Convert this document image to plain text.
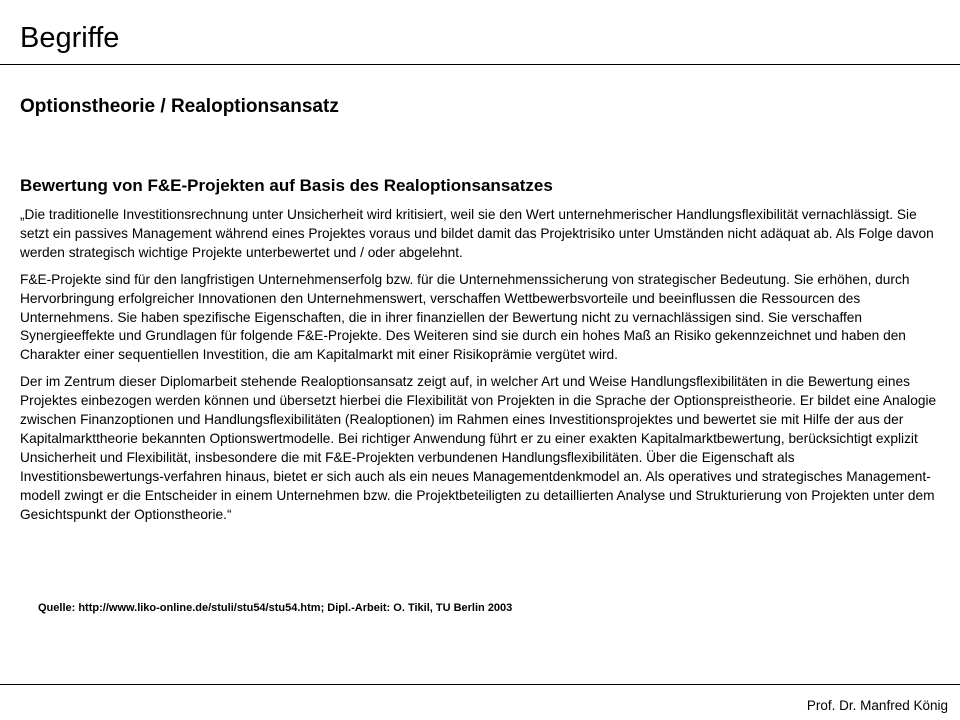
Begriffe
Optionstheorie / Realoptionsansatz
Bewertung von F&E-Projekten auf Basis des Realoptionsansatzes

„Die traditionelle Investitionsrechnung unter Unsicherheit wird kritisiert, weil sie den Wert unternehmerischer Handlungsflexibilität vernachlässigt. Sie setzt ein passives Management während eines Projektes voraus und bildet damit das Projektrisiko unter Umständen nicht adäquat ab. Als Folge davon werden strategisch wichtige Projekte unterbewertet und / oder abgelehnt.

F&E-Projekte sind für den langfristigen Unternehmenserfolg bzw. für die Unternehmenssicherung von strategischer Bedeutung. Sie erhöhen, durch Hervorbringung erfolgreicher Innovationen den Unternehmenswert, verschaffen Wettbewerbsvorteile und beeinflussen die Ressourcen des Unternehmens. Sie haben spezifische Eigenschaften, die in ihrer finanziellen der Bewertung nicht zu vernachlässigen sind. Sie verschaffen Synergieeffekte und Grundlagen für folgende F&E-Projekte. Des Weiteren sind sie durch ein hohes Maß an Risiko gekennzeichnet und haben den Charakter einer sequentiellen Investition, die am Kapitalmarkt mit einer Risikoprämie vergütet wird.

Der im Zentrum dieser Diplomarbeit stehende Realoptionsansatz zeigt auf, in welcher Art und Weise Handlungsflexibilitäten in die Bewertung eines Projektes einbezogen werden können und übersetzt hierbei die Flexibilität von Projekten in die Sprache der Optionspreistheorie. Er bildet eine Analogie zwischen Finanzoptionen und Handlungsflexibilitäten (Realoptionen) im Rahmen eines Investitionsprojektes und bewertet sie mit Hilfe der aus der Kapitalmarkttheorie bekannten Optionswertmodelle. Bei richtiger Anwendung führt er zu einer exakten Kapitalmarktbewertung, berücksichtigt explizit Unsicherheit und Flexibilität, insbesondere die mit F&E-Projekten verbundenen Handlungsflexibilitäten. Über die Eigenschaft als Investitionsbewertungs-verfahren hinaus, bietet er sich auch als ein neues Managementdenkmodel an. Als operatives und strategisches Management-modell zwingt er die Entscheider in einem Unternehmen bzw. die Projektbeteiligten zu detaillierten Analyse und Strukturierung von Projekten unter dem Gesichtspunkt der Optionstheorie.“

Quelle: http://www.liko-online.de/stuli/stu54/stu54.htm; Dipl.-Arbeit: O. Tikil, TU Berlin 2003
Prof. Dr. Manfred König
